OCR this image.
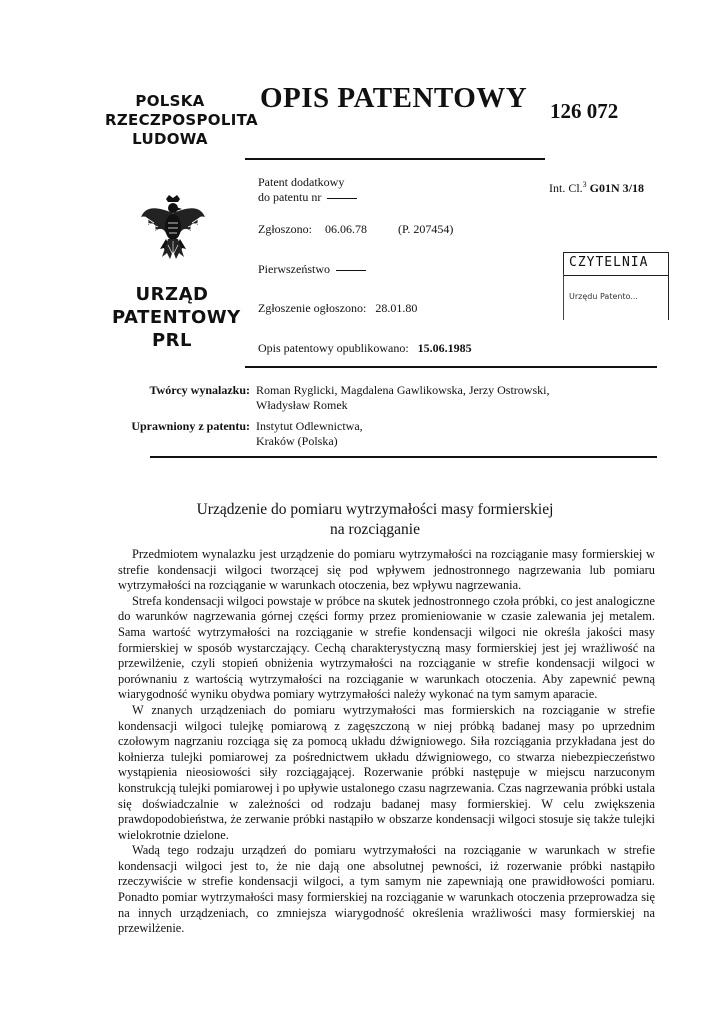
POLSKA
RZECZPOSPOLITA
LUDOWA
URZĄD
PATENTOWY
PRL
OPIS PATENTOWY 126 072
Patent dodatkowy
do patentu nr
Int. Cl.$^3$ G01N 3/18
Zgłoszono: 06.06.78	(P. 207454)
Pierwszeństwo
Zgłoszenie ogłoszono: 28.01.80
Opis patentowy opublikowano: 15.06.1985
CZYTELNIA
Urzędu Patento...
Twórcy wynalazku: Roman Ryglicki, Magdalena Gawlikowska, Jerzy Ostrowski,
Władysław Romek
Uprawniony z patentu: Instytut Odlewnictwa,
Kraków (Polska)
Urządzenie do pomiaru wytrzymałości masy formierskiej
na rozciąganie

Przedmiotem wynalazku jest urządzenie do pomiaru wytrzymałości na rozciąganie masy formierskiej w strefie kondensacji wilgoci tworzącej się pod wpływem jednostronnego nagrzewania lub pomiaru wytrzymałości na rozciąganie w warunkach otoczenia, bez wpływu nagrzewania.

Strefa kondensacji wilgoci powstaje w próbce na skutek jednostronnego czoła próbki, co jest analogiczne do warunków nagrzewania górnej części formy przez promieniowanie w czasie zalewania jej metalem. Sama wartość wytrzymałości na rozciąganie w strefie kondensacji wilgoci nie określa jakości masy formierskiej w sposób wystarczający. Cechą charakterystyczną masy formierskiej jest jej wrażliwość na przewilżenie, czyli stopień obniżenia wytrzymałości na rozciąganie w strefie kondensacji wilgoci w porównaniu z wartością wytrzymałości na rozciąganie w warunkach otoczenia. Aby zapewnić pewną wiarygodność wyniku obydwa pomiary wytrzymałości należy wykonać na tym samym aparacie.

W znanych urządzeniach do pomiaru wytrzymałości mas formierskich na rozciąganie w strefie kondensacji wilgoci tulejkę pomiarową z zagęszczoną w niej próbką badanej masy po uprzednim czołowym nagrzaniu rozciąga się za pomocą układu dźwigniowego. Siła rozciągania przykładana jest do kołnierza tulejki pomiarowej za pośrednictwem układu dźwigniowego, co stwarza niebezpieczeństwo wystąpienia nieosiowości siły rozciągającej. Rozerwanie próbki następuje w miejscu narzuconym konstrukcją tulejki pomiarowej i po upływie ustalonego czasu nagrzewania. Czas nagrzewania próbki ustala się doświadczalnie w zależności od rodzaju badanej masy formierskiej. W celu zwiększenia prawdopodobieństwa, że zerwanie próbki nastąpiło w obszarze kondensacji wilgoci stosuje się także tulejki wielokrotnie dzielone.

Wadą tego rodzaju urządzeń do pomiaru wytrzymałości na rozciąganie w warunkach w strefie kondensacji wilgoci jest to, że nie dają one absolutnej pewności, iż rozerwanie próbki nastąpiło rzeczywiście w strefie kondensacji wilgoci, a tym samym nie zapewniają one prawidłowości pomiaru. Ponadto pomiar wytrzymałości masy formierskiej na rozciąganie w warunkach otoczenia przeprowadza się na innych urządzeniach, co zmniejsza wiarygodność określenia wrażliwości masy formierskiej na przewilżenie.
